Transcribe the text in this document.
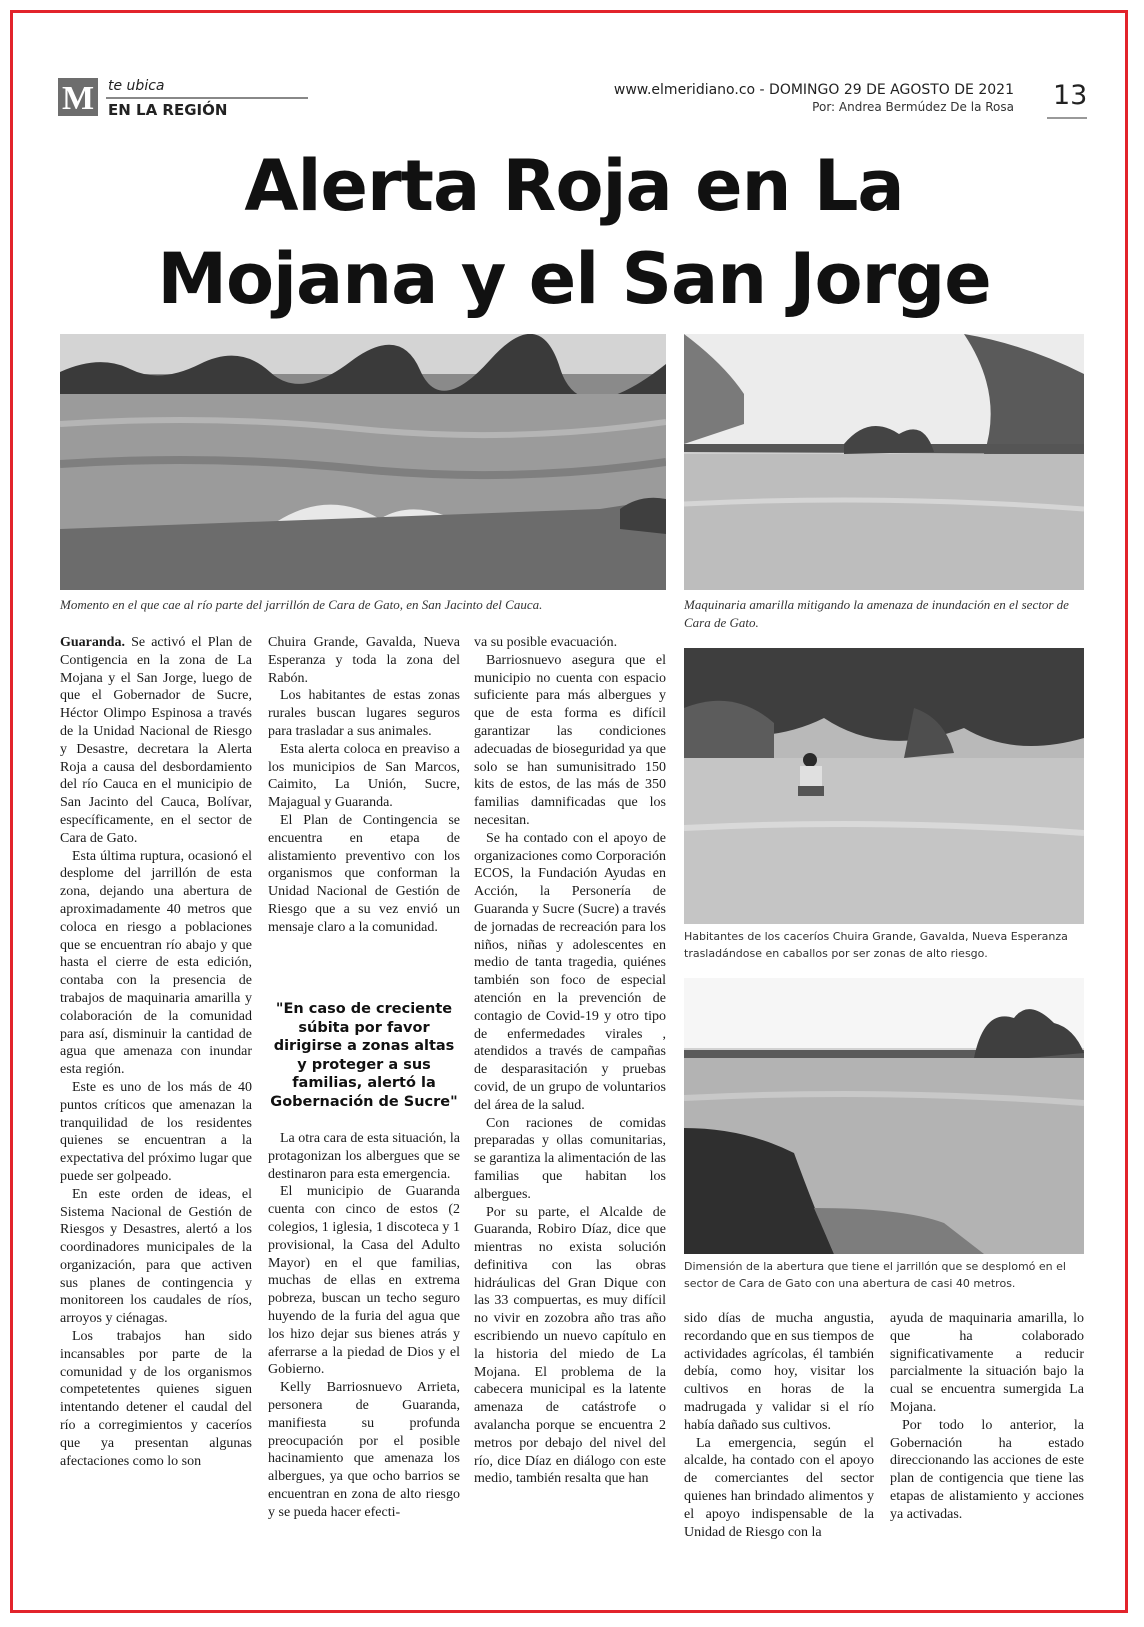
M te ubica
EN LA REGIÓN
www.elmeridiano.co - DOMINGO 29 DE AGOSTO DE 2021
Por: Andrea Bermúdez De la Rosa 13
Alerta Roja en La
Mojana y el San Jorge
Momento en el que cae al río parte del jarrillón de Cara de Gato, en San Jacinto del Cauca.	Maquinaria amarilla mitigando la amenaza de inundación en el sector de Cara de Gato.
Habitantes de los caceríos Chuira Grande, Gavalda, Nueva Esperanza trasladándose en caballos por ser zonas de alto riesgo.
Dimensión de la abertura que tiene el jarrillón que se desplomó en el sector de Cara de Gato con una abertura de casi 40 metros.

Guaranda. Se activó el Plan de Contigencia en la zona de La Mojana y el San Jorge, luego de que el Gobernador de Sucre, Héctor Olimpo Espinosa a través de la Unidad Nacional de Riesgo y Desastre, decretara la Alerta Roja a causa del desbordamiento del río Cauca en el municipio de San Jacinto del Cauca, Bolívar, específicamente, en el sector de Cara de Gato.

Esta última ruptura, ocasionó el desplome del jarrillón de esta zona, dejando una abertura de aproximadamente 40 metros que coloca en riesgo a poblaciones que se encuentran río abajo y que hasta el cierre de esta edición, contaba con la presencia de trabajos de maquinaria amarilla y colaboración de la comunidad para así, disminuir la cantidad de agua que amenaza con inundar esta región.

Este es uno de los más de 40 puntos críticos que amenazan la tranquilidad de los residentes quienes se encuentran a la expectativa del próximo lugar que puede ser golpeado.

En este orden de ideas, el Sistema Nacional de Gestión de Riesgos y Desastres, alertó a los coordinadores municipales de la organización, para que activen sus planes de contingencia y monitoreen los caudales de ríos, arroyos y ciénagas.

Los trabajos han sido incansables por parte de la comunidad y de los organismos competetentes quienes siguen intentando detener el caudal del río a corregimientos y caceríos que ya presentan algunas afectaciones como lo son

Chuira Grande, Gavalda, Nueva Esperanza y toda la zona del Rabón.

Los habitantes de estas zonas rurales buscan lugares seguros para trasladar a sus animales.

Esta alerta coloca en preaviso a los municipios de San Marcos, Caimito, La Unión, Sucre, Majagual y Guaranda.

El Plan de Contingencia se encuentra en etapa de alistamiento preventivo con los organismos que conforman la Unidad Nacional de Gestión de Riesgo que a su vez envió un mensaje claro a la comunidad.

"En caso de creciente súbita por favor dirigirse a zonas altas y proteger a sus familias, alertó la Gobernación de Sucre"

La otra cara de esta situación, la protagonizan los albergues que se destinaron para esta emergencia.

El municipio de Guaranda cuenta con cinco de estos (2 colegios, 1 iglesia, 1 discoteca y 1 provisional, la Casa del Adulto Mayor) en el que familias, muchas de ellas en extrema pobreza, buscan un techo seguro huyendo de la furia del agua que los hizo dejar sus bienes atrás y aferrarse a la piedad de Dios y el Gobierno.

Kelly Barriosnuevo Arrieta, personera de Guaranda, manifiesta su profunda preocupación por el posible hacinamiento que amenaza los albergues, ya que ocho barrios se encuentran en zona de alto riesgo y se pueda hacer efecti-

va su posible evacuación.

Barriosnuevo asegura que el municipio no cuenta con espacio suficiente para más albergues y que de esta forma es difícil garantizar las condiciones adecuadas de bioseguridad ya que solo se han sumunisitrado 150 kits de estos, de las más de 350 familias damnificadas que los necesitan.

Se ha contado con el apoyo de organizaciones como Corporación ECOS, la Fundación Ayudas en Acción, la Personería de Guaranda y Sucre (Sucre) a través de jornadas de recreación para los niños, niñas y adolescentes en medio de tanta tragedia, quiénes también son foco de especial atención en la prevención de contagio de Covid-19 y otro tipo de enfermedades virales , atendidos a través de campañas de desparasitación y pruebas covid, de un grupo de voluntarios del área de la salud.

Con raciones de comidas preparadas y ollas comunitarias, se garantiza la alimentación de las familias que habitan los albergues.

Por su parte, el Alcalde de Guaranda, Robiro Díaz, dice que mientras no exista solución definitiva con las obras hidráulicas del Gran Dique con las 33 compuertas, es muy difícil no vivir en zozobra año tras año escribiendo un nuevo capítulo en la historia del miedo de La Mojana. El problema de la cabecera municipal es la latente amenaza de catástrofe o avalancha porque se encuentra 2 metros por debajo del nivel del río, dice Díaz en diálogo con este medio, también resalta que han

sido días de mucha angustia, recordando que en sus tiempos de actividades agrícolas, él también debía, como hoy, visitar los cultivos en horas de la madrugada y validar si el río había dañado sus cultivos.

La emergencia, según el alcalde, ha contado con el apoyo de comerciantes del sector quienes han brindado alimentos y el apoyo indispensable de la Unidad de Riesgo con la

ayuda de maquinaria amarilla, lo que ha colaborado significativamente a reducir parcialmente la situación bajo la cual se encuentra sumergida La Mojana.

Por todo lo anterior, la Gobernación ha estado direccionando las acciones de este plan de contigencia que tiene las etapas de alistamiento y acciones ya activadas.
